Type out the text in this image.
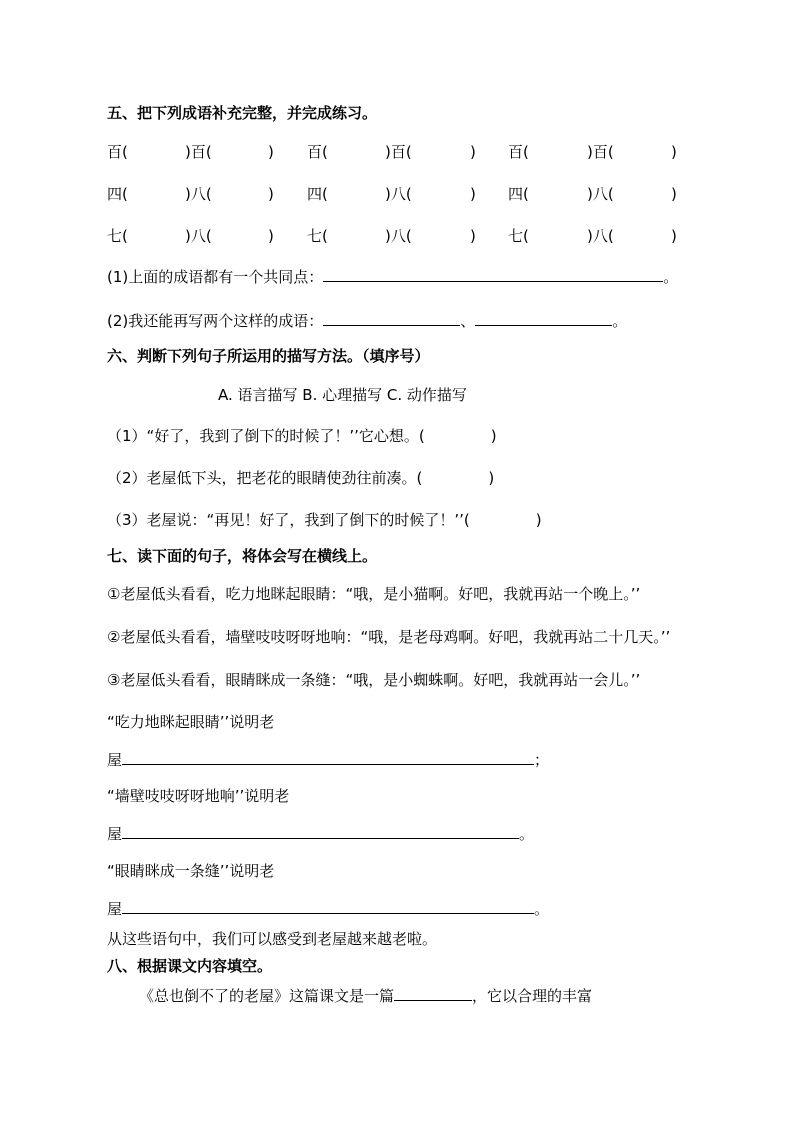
五、把下列成语补充完整，并完成练习。
百(	)百(	) 百(	)百(	) 百(	)百(	)
四(	)八(	) 四(	)八(	) 四(	)八(	)
七(	)八(	) 七(	)八(	) 七(	)八(	)
(1)上面的成语都有一个共同点：	。
(2)我还能再写两个这样的成语：	、	。
六、判断下列句子所运用的描写方法。（填序号）
A. 语言描写 B. 心理描写 C. 动作描写
（1）“好了，我到了倒下的时候了！’’它心想。(	)
（2）老屋低下头，把老花的眼睛使劲往前凑。(	)
（3）老屋说：“再见！好了，我到了倒下的时候了！’’(	)
七、读下面的句子，将体会写在横线上。
①老屋低头看看，吃力地眯起眼睛：“哦，是小猫啊。好吧，我就再站一个晚上。’’
②老屋低头看看，墙壁吱吱呀呀地响：“哦，是老母鸡啊。好吧，我就再站二十几天。’’
③老屋低头看看，眼睛眯成一条缝：“哦，是小蜘蛛啊。好吧，我就再站一会儿。’’
“吃力地眯起眼睛’’说明老
屋	；
“墙壁吱吱呀呀地响’’说明老
屋	。
“眼睛眯成一条缝’’说明老
屋	。
从这些语句中，我们可以感受到老屋越来越老啦。
八、根据课文内容填空。
《总也倒不了的老屋》这篇课文是一篇	，它以合理的丰富
